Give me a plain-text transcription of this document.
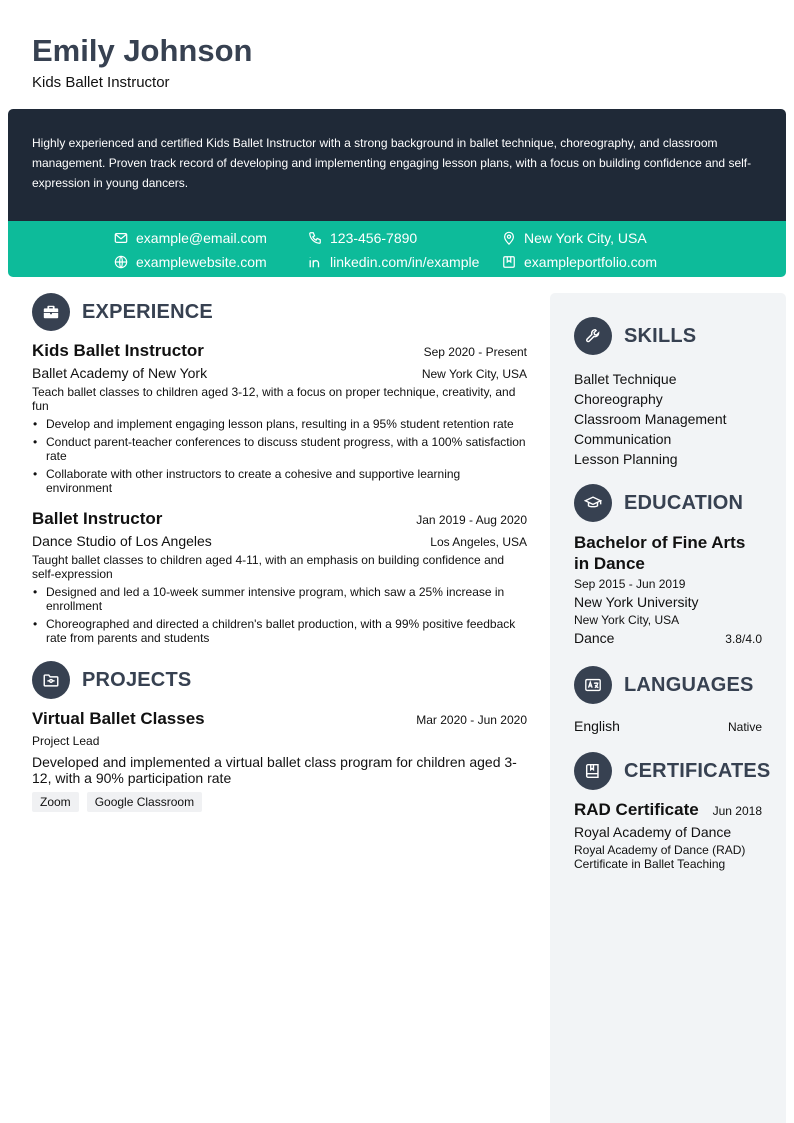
Emily Johnson
Kids Ballet Instructor

Highly experienced and certified Kids Ballet Instructor with a strong background in ballet technique, choreography, and classroom management. Proven track record of developing and implementing engaging lesson plans, with a focus on building confidence and self-expression in young dancers.

example@email.com	123-456-7890	New York City, USA
examplewebsite.com	linkedin.com/in/example	exampleportfolio.com
EXPERIENCE
Kids Ballet Instructor	Sep 2020 - Present
Ballet Academy of New York	New York City, USA
Teach ballet classes to children aged 3-12, with a focus on proper technique, creativity, and fun
• Develop and implement engaging lesson plans, resulting in a 95% student retention rate
• Conduct parent-teacher conferences to discuss student progress, with a 100% satisfaction rate
• Collaborate with other instructors to create a cohesive and supportive learning environment
Ballet Instructor	Jan 2019 - Aug 2020
Dance Studio of Los Angeles	Los Angeles, USA
Taught ballet classes to children aged 4-11, with an emphasis on building confidence and self-expression
• Designed and led a 10-week summer intensive program, which saw a 25% increase in enrollment
• Choreographed and directed a children's ballet production, with a 99% positive feedback rate from parents and students
PROJECTS
Virtual Ballet Classes	Mar 2020 - Jun 2020
Project Lead
Developed and implemented a virtual ballet class program for children aged 3-12, with a 90% participation rate
Zoom	Google Classroom
SKILLS
Ballet Technique
Choreography
Classroom Management
Communication
Lesson Planning
EDUCATION
Bachelor of Fine Arts in Dance
Sep 2015 - Jun 2019
New York University
New York City, USA
Dance	3.8/4.0
LANGUAGES
English	Native
CERTIFICATES
RAD Certificate Jun 2018
Royal Academy of Dance
Royal Academy of Dance (RAD) Certificate in Ballet Teaching
